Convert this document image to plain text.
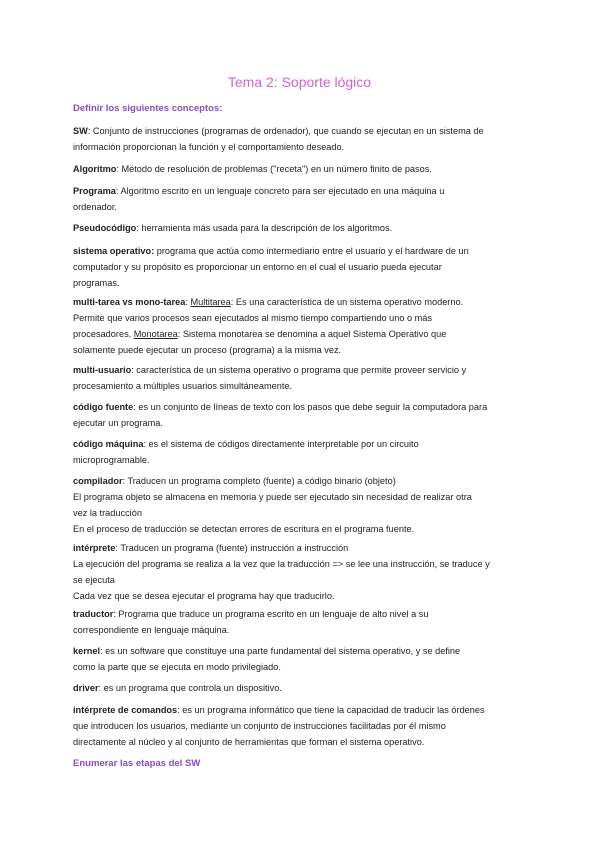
Tema 2: Soporte lógico
Definir los siguientes conceptos:
SW: Conjunto de instrucciones (programas de ordenador), que cuando se ejecutan en un sistema de
información proporcionan la función y el comportamiento deseado.
Algoritmo: Método de resolución de problemas ("receta") en un número finito de pasos.
Programa: Algoritmo escrito en un lenguaje concreto para ser ejecutado en una máquina u
ordenador.
Pseudocódigo: herramienta más usada para la descripción de los algoritmos.
sistema operativo: programa que actúa como intermediario entre el usuario y el hardware de un
computador y su propósito es proporcionar un entorno en el cual el usuario pueda ejecutar
programas.
multi-tarea vs mono-tarea: Multitarea: Es una característica de un sistema operativo moderno.
Permite que varios procesos sean ejecutados al mismo tiempo compartiendo uno o más
procesadores. Monotarea: Sistema monotarea se denomina a aquel Sistema Operativo que
solamente puede ejecutar un proceso (programa) a la misma vez.
multi-usuario: característica de un sistema operativo o programa que permite proveer servicio y
procesamiento a múltiples usuarios simultáneamente.
código fuente: es un conjunto de líneas de texto con los pasos que debe seguir la computadora para
ejecutar un programa.
código máquina: es el sistema de códigos directamente interpretable por un circuito
microprogramable.
compilador: Traducen un programa completo (fuente) a código binario (objeto)
El programa objeto se almacena en memoria y puede ser ejecutado sin necesidad de realizar otra
vez la traducción
En el proceso de traducción se detectan errores de escritura en el programa fuente.
intérprete: Traducen un programa (fuente) instrucción a instrucción
La ejecución del programa se realiza a la vez que la traducción => se lee una instrucción, se traduce y
se ejecuta
Cada vez que se desea ejecutar el programa hay que traducirlo.
traductor: Programa que traduce un programa escrito en un lenguaje de alto nivel a su
correspondiente en lenguaje máquina.
kernel: es un software que constituye una parte fundamental del sistema operativo, y se define
como la parte que se ejecuta en modo privilegiado.
driver: es un programa que controla un dispositivo.
intérprete de comandos: es un programa informático que tiene la capacidad de traducir las órdenes
que introducen los usuarios, mediante un conjunto de instrucciones facilitadas por él mismo
directamente al núcleo y al conjunto de herramientas que forman el sistema operativo.
Enumerar las etapas del SW
